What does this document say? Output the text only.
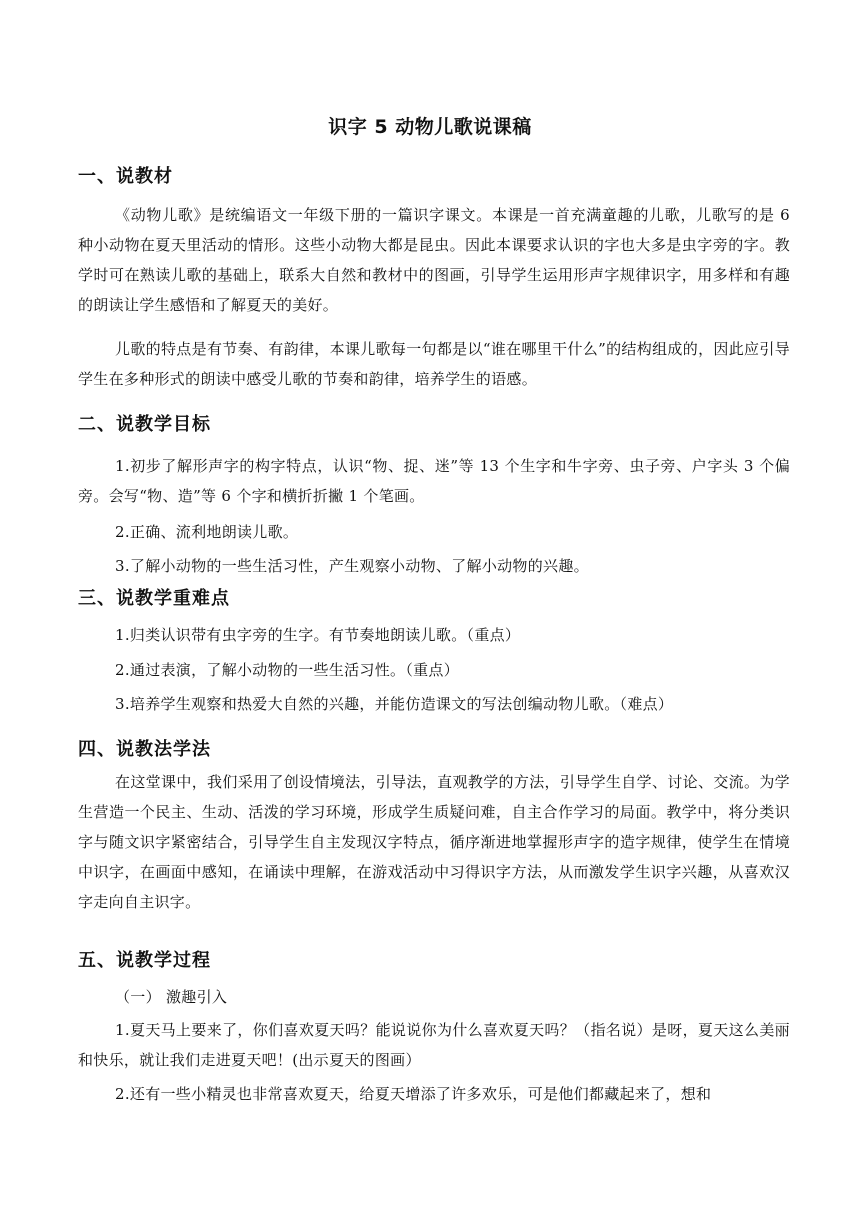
识字 5 动物儿歌说课稿
一、说教材
《动物儿歌》是统编语文一年级下册的一篇识字课文。本课是一首充满童趣的儿歌，儿歌写的是 6 种小动物在夏天里活动的情形。这些小动物大都是昆虫。因此本课要求认识的字也大多是虫字旁的字。教学时可在熟读儿歌的基础上，联系大自然和教材中的图画，引导学生运用形声字规律识字，用多样和有趣的朗读让学生感悟和了解夏天的美好。
儿歌的特点是有节奏、有韵律，本课儿歌每一句都是以“谁在哪里干什么”的结构组成的，因此应引导学生在多种形式的朗读中感受儿歌的节奏和韵律，培养学生的语感。
二、说教学目标
1.初步了解形声字的构字特点，认识“物、捉、迷”等 13 个生字和牛字旁、虫子旁、户字头 3 个偏旁。会写“物、造”等 6 个字和横折折撇 1 个笔画。
2.正确、流利地朗读儿歌。
3.了解小动物的一些生活习性，产生观察小动物、了解小动物的兴趣。
三、说教学重难点
1.归类认识带有虫字旁的生字。有节奏地朗读儿歌。（重点）
2.通过表演，了解小动物的一些生活习性。（重点）
3.培养学生观察和热爱大自然的兴趣，并能仿造课文的写法创编动物儿歌。（难点）
四、说教法学法
在这堂课中，我们采用了创设情境法，引导法，直观教学的方法，引导学生自学、讨论、交流。为学生营造一个民主、生动、活泼的学习环境，形成学生质疑问难，自主合作学习的局面。教学中，将分类识字与随文识字紧密结合，引导学生自主发现汉字特点，循序渐进地掌握形声字的造字规律，使学生在情境中识字，在画面中感知，在诵读中理解，在游戏活动中习得识字方法，从而激发学生识字兴趣，从喜欢汉字走向自主识字。
五、说教学过程
（一） 激趣引入
1.夏天马上要来了，你们喜欢夏天吗？能说说你为什么喜欢夏天吗？（指名说）是呀，夏天这么美丽和快乐，就让我们走进夏天吧！(出示夏天的图画）
2.还有一些小精灵也非常喜欢夏天，给夏天增添了许多欢乐，可是他们都藏起来了，想和
